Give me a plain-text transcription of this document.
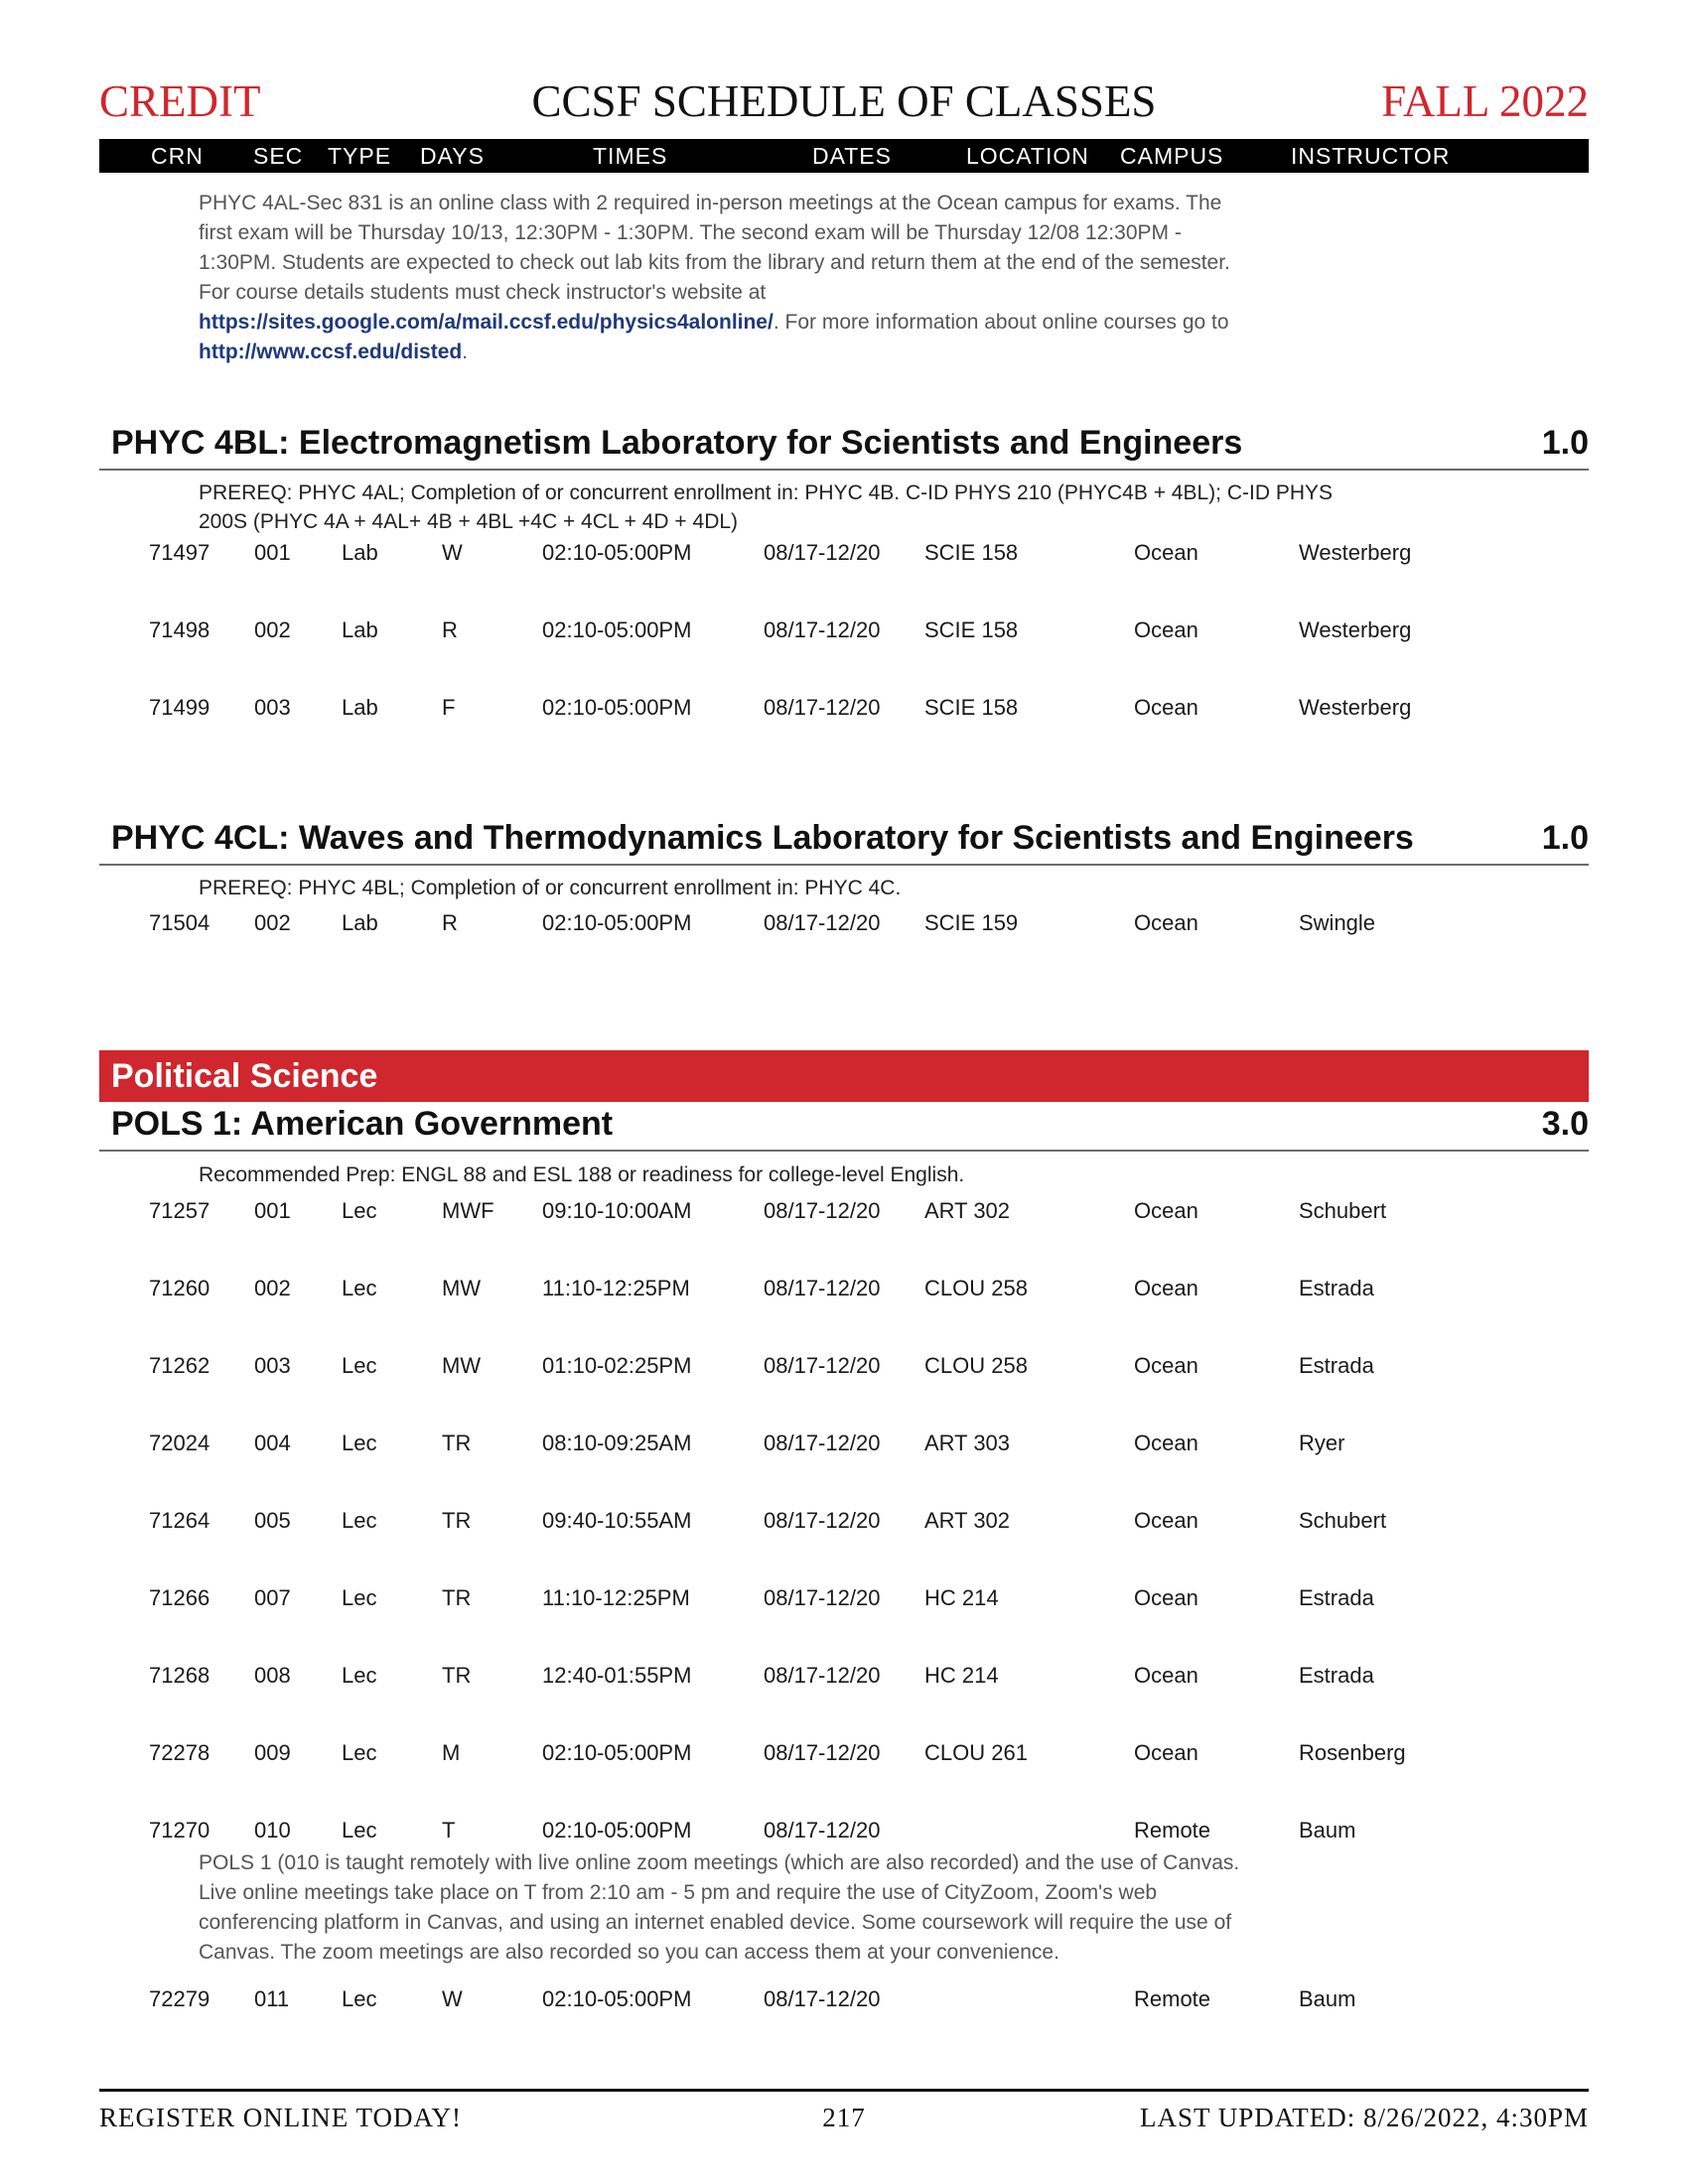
CREDIT	CCSF SCHEDULE OF CLASSES	FALL 2022
CRN SEC TYPE DAYS	TIMES	DATES	LOCATION CAMPUS	INSTRUCTOR
PHYC 4AL-Sec 831 is an online class with 2 required in-person meetings at the Ocean campus for exams. The first exam will be Thursday 10/13, 12:30PM - 1:30PM. The second exam will be Thursday 12/08 12:30PM - 1:30PM. Students are expected to check out lab kits from the library and return them at the end of the semester. For course details students must check instructor's website at https://sites.google.com/a/mail.ccsf.edu/physics4alonline/. For more information about online courses go to http://www.ccsf.edu/disted.
PHYC 4BL: Electromagnetism Laboratory for Scientists and Engineers	1.0
PREREQ: PHYC 4AL; Completion of or concurrent enrollment in: PHYC 4B. C-ID PHYS 210 (PHYC4B + 4BL); C-ID PHYS 200S (PHYC 4A + 4AL+ 4B + 4BL +4C + 4CL + 4D + 4DL)
71497 001 Lab	W	02:10-05:00PM	08/17-12/20 SCIE 158	Ocean	Westerberg
71498 002 Lab	R	02:10-05:00PM	08/17-12/20 SCIE 158	Ocean	Westerberg
71499 003 Lab	F	02:10-05:00PM	08/17-12/20 SCIE 158	Ocean	Westerberg
PHYC 4CL: Waves and Thermodynamics Laboratory for Scientists and Engineers	1.0
PREREQ: PHYC 4BL; Completion of or concurrent enrollment in: PHYC 4C.
71504 002 Lab	R	02:10-05:00PM	08/17-12/20 SCIE 159	Ocean	Swingle
Political Science
POLS 1: American Government	3.0
Recommended Prep: ENGL 88 and ESL 188 or readiness for college-level English.
71257 001 Lec	MWF 09:10-10:00AM	08/17-12/20 ART 302	Ocean	Schubert
71260 002 Lec	MW	11:10-12:25PM	08/17-12/20 CLOU 258	Ocean	Estrada
71262 003 Lec	MW	01:10-02:25PM	08/17-12/20 CLOU 258	Ocean	Estrada
72024 004 Lec	TR	08:10-09:25AM	08/17-12/20 ART 303	Ocean	Ryer
71264 005 Lec	TR	09:40-10:55AM	08/17-12/20 ART 302	Ocean	Schubert
71266 007 Lec	TR	11:10-12:25PM	08/17-12/20 HC 214	Ocean	Estrada
71268 008 Lec	TR	12:40-01:55PM	08/17-12/20 HC 214	Ocean	Estrada
72278 009 Lec	M	02:10-05:00PM	08/17-12/20 CLOU 261	Ocean	Rosenberg
71270 010 Lec	T	02:10-05:00PM	08/17-12/20	Remote	Baum
72279 011 Lec	W	02:10-05:00PM	08/17-12/20	Remote	Baum
POLS 1 (010 is taught remotely with live online zoom meetings (which are also recorded) and the use of Canvas. Live online meetings take place on T from 2:10 am - 5 pm and require the use of CityZoom, Zoom's web conferencing platform in Canvas, and using an internet enabled device. Some coursework will require the use of Canvas. The zoom meetings are also recorded so you can access them at your convenience.
REGISTER ONLINE TODAY!	217	LAST UPDATED: 8/26/2022, 4:30PM
